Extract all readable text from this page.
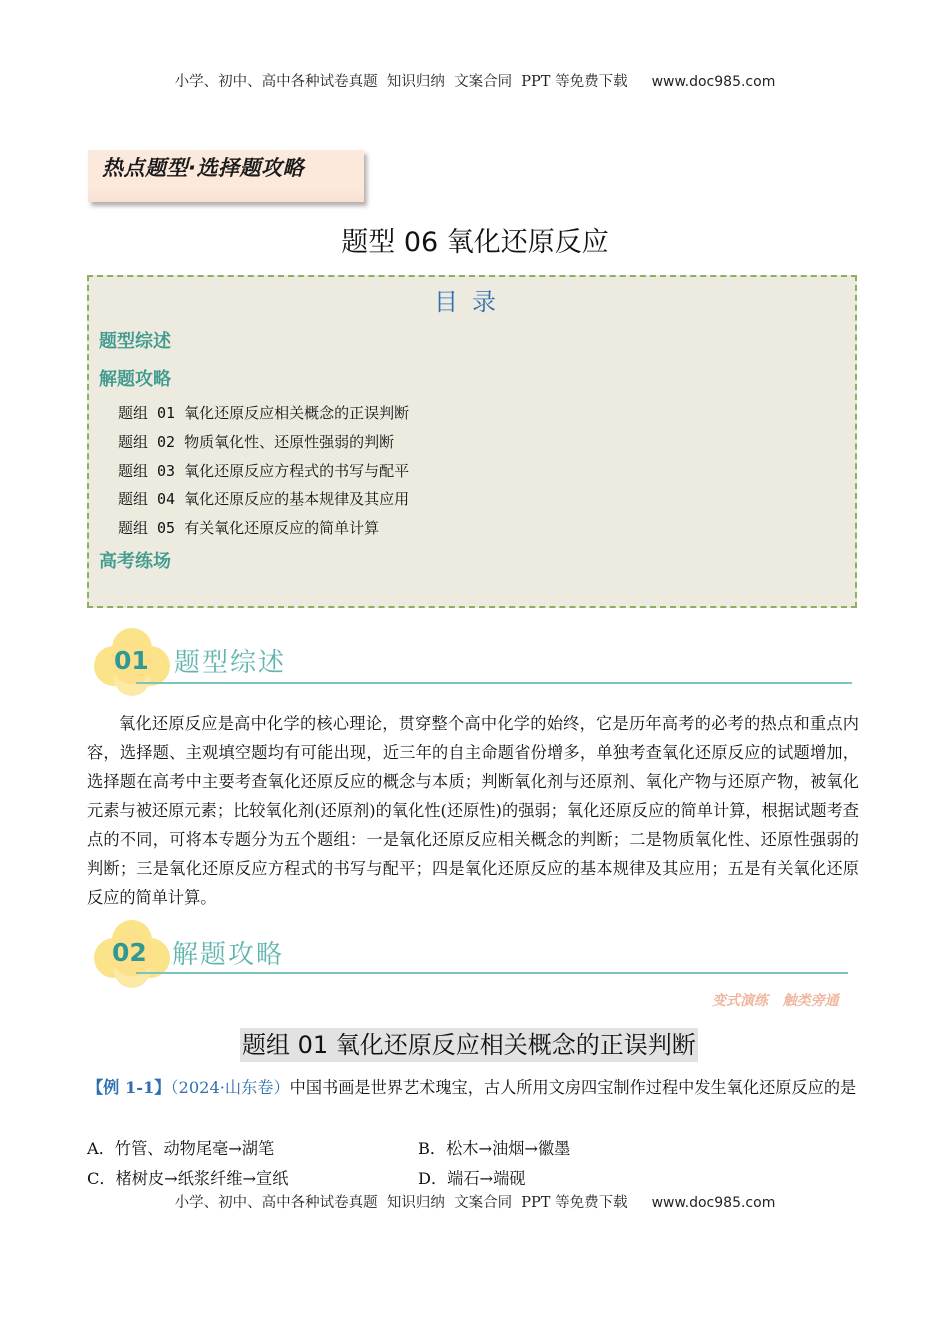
小学、初中、高中各种试卷真题  知识归纳  文案合同  PPT 等免费下载 www.doc985.com
热点题型·选择题攻略
题型 06 氧化还原反应
目录
题型综述
解题攻略
题组 01 氧化还原反应相关概念的正误判断
题组 02 物质氧化性、还原性强弱的判断
题组 03 氧化还原反应方程式的书写与配平
题组 04 氧化还原反应的基本规律及其应用
题组 05 有关氧化还原反应的简单计算
高考练场
01 题型综述
氧化还原反应是高中化学的核心理论，贯穿整个高中化学的始终，它是历年高考的必考的热点和重点内容，选择题、主观填空题均有可能出现，近三年的自主命题省份增多，单独考查氧化还原反应的试题增加，选择题在高考中主要考查氧化还原反应的概念与本质；判断氧化剂与还原剂、氧化产物与还原产物，被氧化元素与被还原元素；比较氧化剂(还原剂)的氧化性(还原性)的强弱；氧化还原反应的简单计算，根据试题考查点的不同，可将本专题分为五个题组：一是氧化还原反应相关概念的判断；二是物质氧化性、还原性强弱的判断；三是氧化还原反应方程式的书写与配平；四是氧化还原反应的基本规律及其应用；五是有关氧化还原反应的简单计算。
02 解题攻略
变式演练   触类旁通
题组 01 氧化还原反应相关概念的正误判断
【例 1-1】（2024·山东卷）中国书画是世界艺术瑰宝，古人所用文房四宝制作过程中发生氧化还原反应的是
A．竹管、动物尾毫→湖笔	B．松木→油烟→徽墨
C．楮树皮→纸浆纤维→宣纸	D．端石→端砚
小学、初中、高中各种试卷真题  知识归纳  文案合同  PPT 等免费下载 www.doc985.com
